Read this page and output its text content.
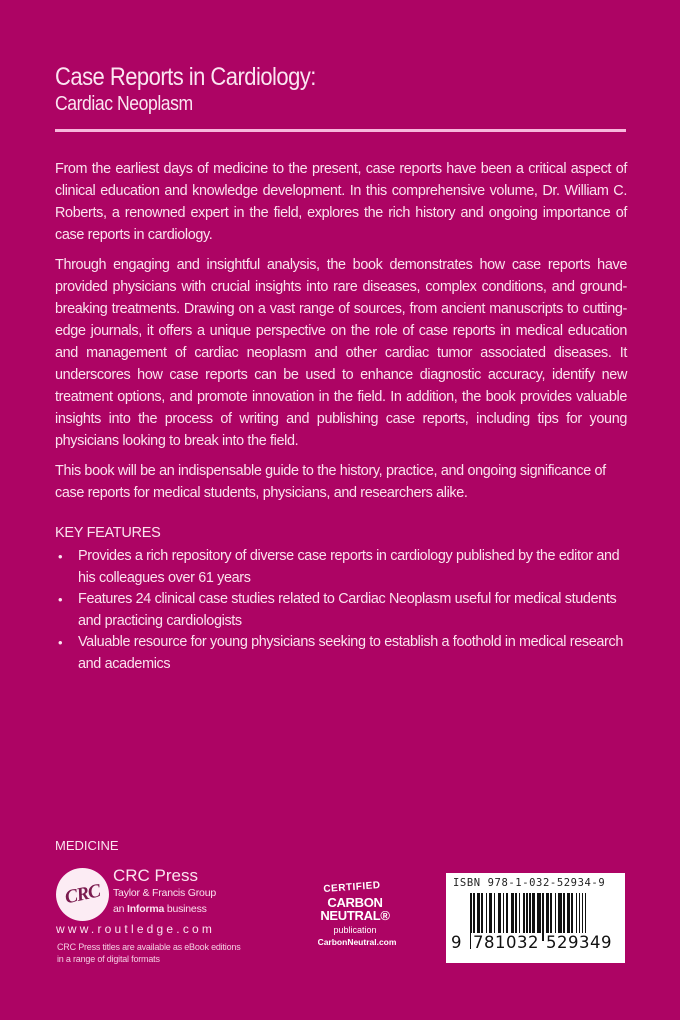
Case Reports in Cardiology:
Cardiac Neoplasm

From the earliest days of medicine to the present, case reports have been a critical aspect of clinical education and knowledge development. In this comprehensive volume, Dr. William C. Roberts, a renowned expert in the field, explores the rich history and ongoing importance of case reports in cardiology.

Through engaging and insightful analysis, the book demonstrates how case reports have provided physicians with crucial insights into rare diseases, complex conditions, and ground-breaking treatments. Drawing on a vast range of sources, from ancient manuscripts to cutting-edge journals, it offers a unique perspective on the role of case reports in medical education and management of cardiac neoplasm and other cardiac tumor associated diseases. It underscores how case reports can be used to enhance diagnostic accuracy, identify new treatment options, and promote innovation in the field. In addition, the book provides valuable insights into the process of writing and publishing case reports, including tips for young physicians looking to break into the field.

This book will be an indispensable guide to the history, practice, and ongoing significance of case reports for medical students, physicians, and researchers alike.

KEY FEATURES
• Provides a rich repository of diverse case reports in cardiology published by the editor and his colleagues over 61 years
• Features 24 clinical case studies related to Cardiac Neoplasm useful for medical students and practicing cardiologists
• Valuable resource for young physicians seeking to establish a foothold in medical research and academics
MEDICINE
CRC
CRC Press
Taylor & Francis Group
an Informa business
www.routledge.com
CRC Press titles are available as eBook editions
in a range of digital formats
CERTIFIED
CARBON
NEUTRAL®
publication
CarbonNeutral.com
ISBN 978-1-032-52934-9
9 781032 529349
